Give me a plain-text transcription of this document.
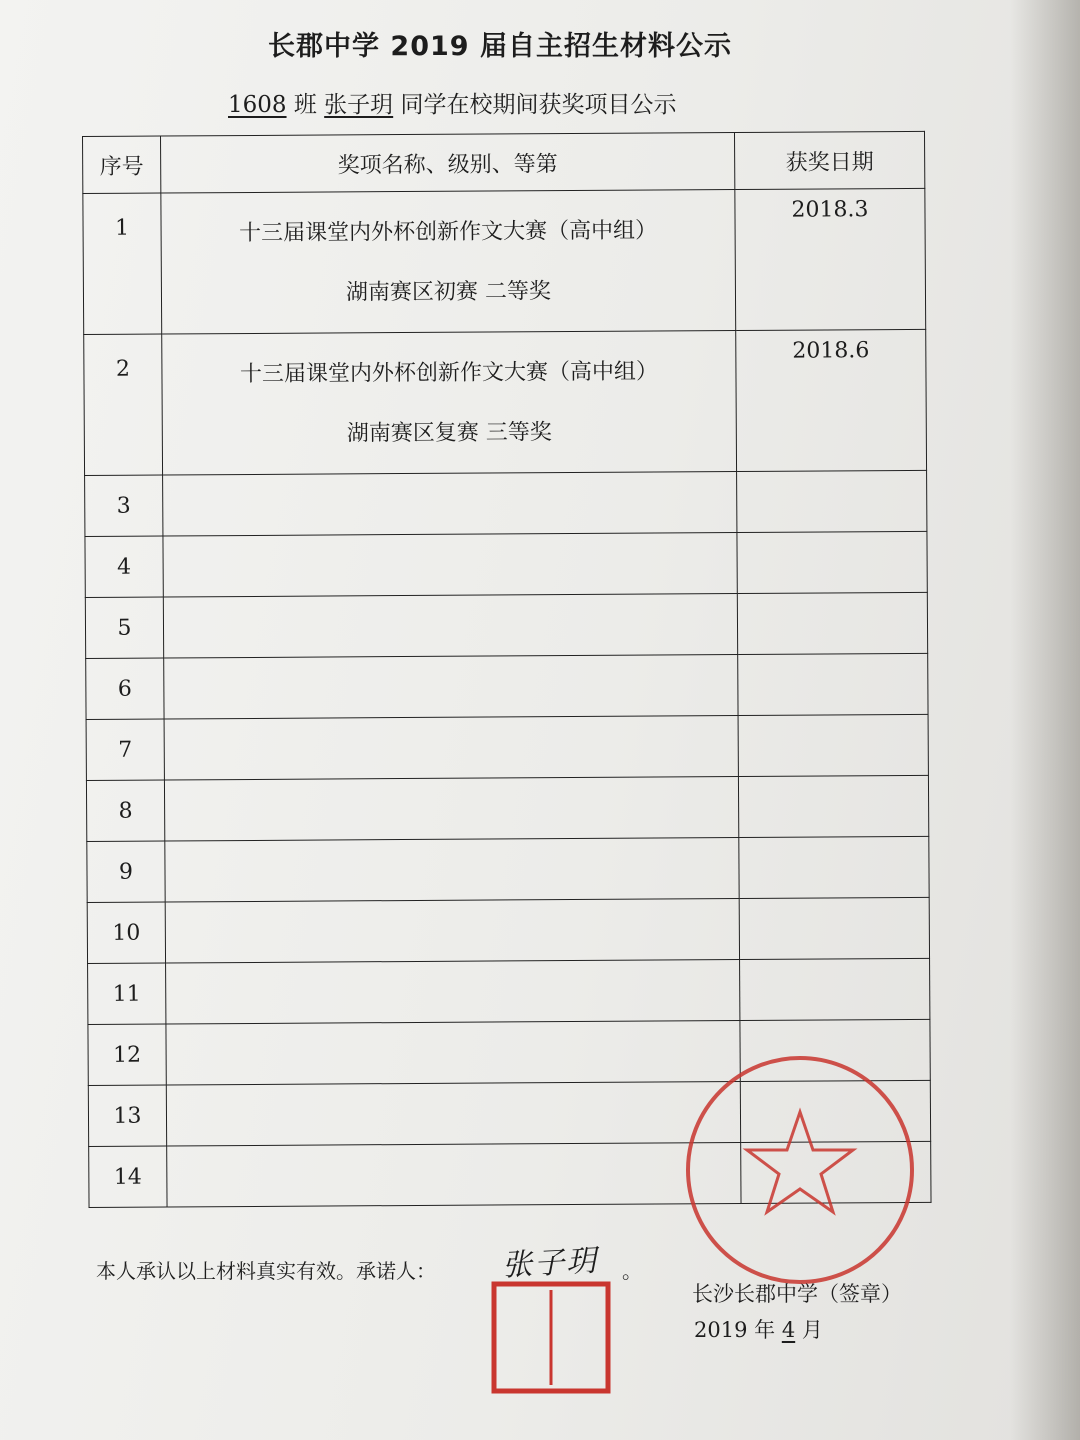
长郡中学 2019 届自主招生材料公示
1608 班 张子玥 同学在校期间获奖项目公示
序号	奖项名称、级别、等第	获奖日期
1	十三届课堂内外杯创新作文大赛（高中组）
湖南赛区初赛 二等奖	2018.3
2	十三届课堂内外杯创新作文大赛（高中组）
湖南赛区复赛 三等奖	2018.6
3		
4		
5		
6		
7		
8		
9		
10		
11		
12		
13		
14		
本人承认以上材料真实有效。承诺人： 张子玥 。
长沙长郡中学（签章）
2019 年 4 月
